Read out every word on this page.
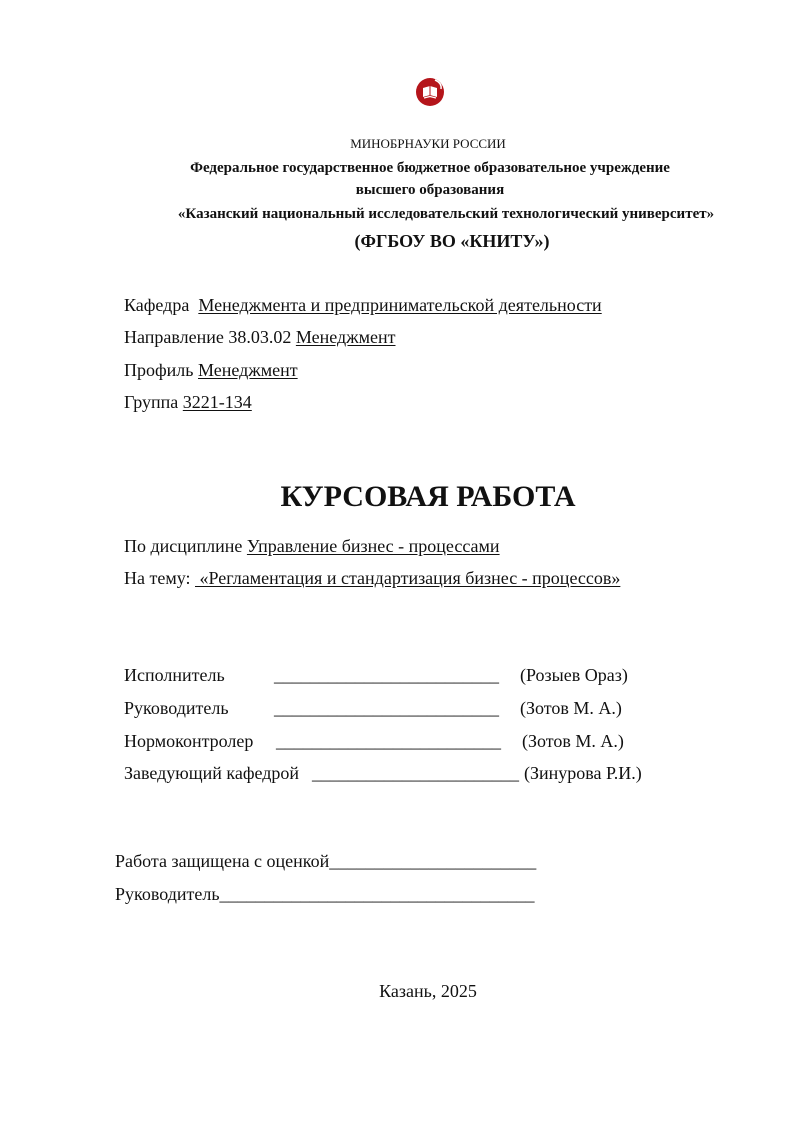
МИНОБРНАУКИ РОССИИ
Федеральное государственное бюджетное образовательное учреждение
высшего образования
«Казанский национальный исследовательский технологический университет»
(ФГБОУ ВО «КНИТУ»)
Кафедра Менеджмента и предпринимательской деятельности
Направление 38.03.02 Менеджмент
Профиль Менеджмент
Группа 3221-134
КУРСОВАЯ РАБОТА
По дисциплине Управление бизнес - процессами
На тему:  «Регламентация и стандартизация бизнес - процессов»
Исполнитель	_________________________ (Розыев Ораз)
Руководитель	_________________________ (Зотов М. А.)
Нормоконтролер _________________________ (Зотов М. А.)
Заведующий кафедрой _______________________ (Зинурова Р.И.)
Работа защищена с оценкой_______________________
Руководитель___________________________________
Казань, 2025
